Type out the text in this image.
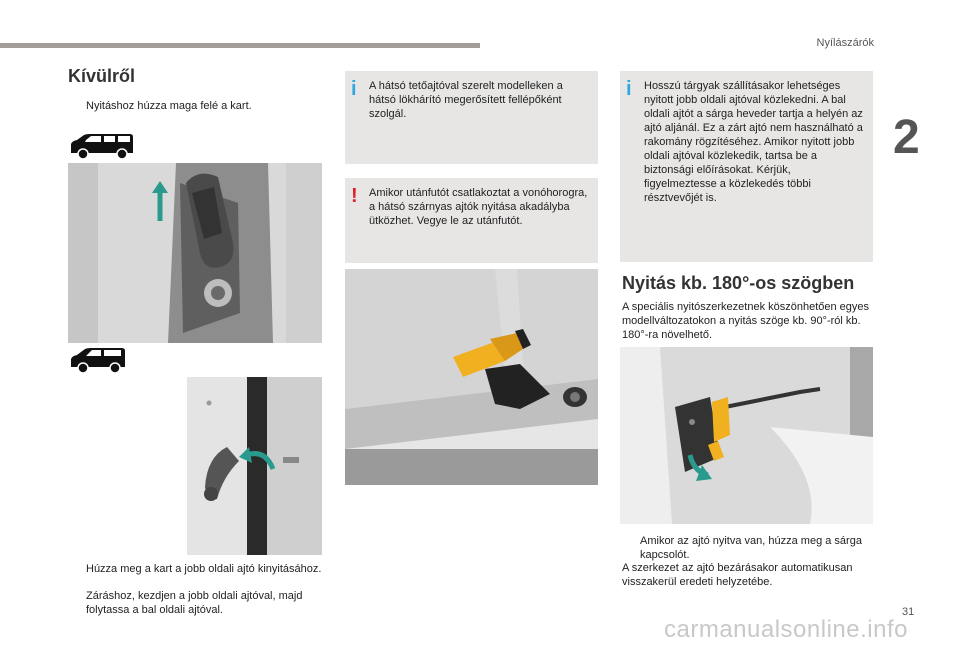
Nyílászárók
2
Kívülről
Nyitáshoz húzza maga felé a kart.
Húzza meg a kart a jobb oldali ajtó kinyitásához.
Záráshoz, kezdjen a jobb oldali ajtóval, majd folytassa a bal oldali ajtóval.
i A hátsó tetőajtóval szerelt modelleken a hátsó lökhárító megerősített fellépőként szolgál.
! Amikor utánfutót csatlakoztat a vonóhorogra, a hátsó szárnyas ajtók nyitása akadályba ütközhet. Vegye le az utánfutót.
i Hosszú tárgyak szállításakor lehetséges nyitott jobb oldali ajtóval közlekedni. A bal oldali ajtót a sárga heveder tartja a helyén az ajtó aljánál. Ez a zárt ajtó nem használható a rakomány rögzítéséhez. Amikor nyitott jobb oldali ajtóval közlekedik, tartsa be a biztonsági előírásokat. Kérjük, figyelmeztesse a közlekedés többi résztvevőjét is.
Nyitás kb. 180°-os szögben
A speciális nyitószerkezetnek köszönhetően egyes modellváltozatokon a nyitás szöge kb. 90°-ról kb. 180°-ra növelhető.
Amikor az ajtó nyitva van, húzza meg a sárga kapcsolót.
A szerkezet az ajtó bezárásakor automatikusan visszakerül eredeti helyzetébe.
31
carmanualsonline.info
